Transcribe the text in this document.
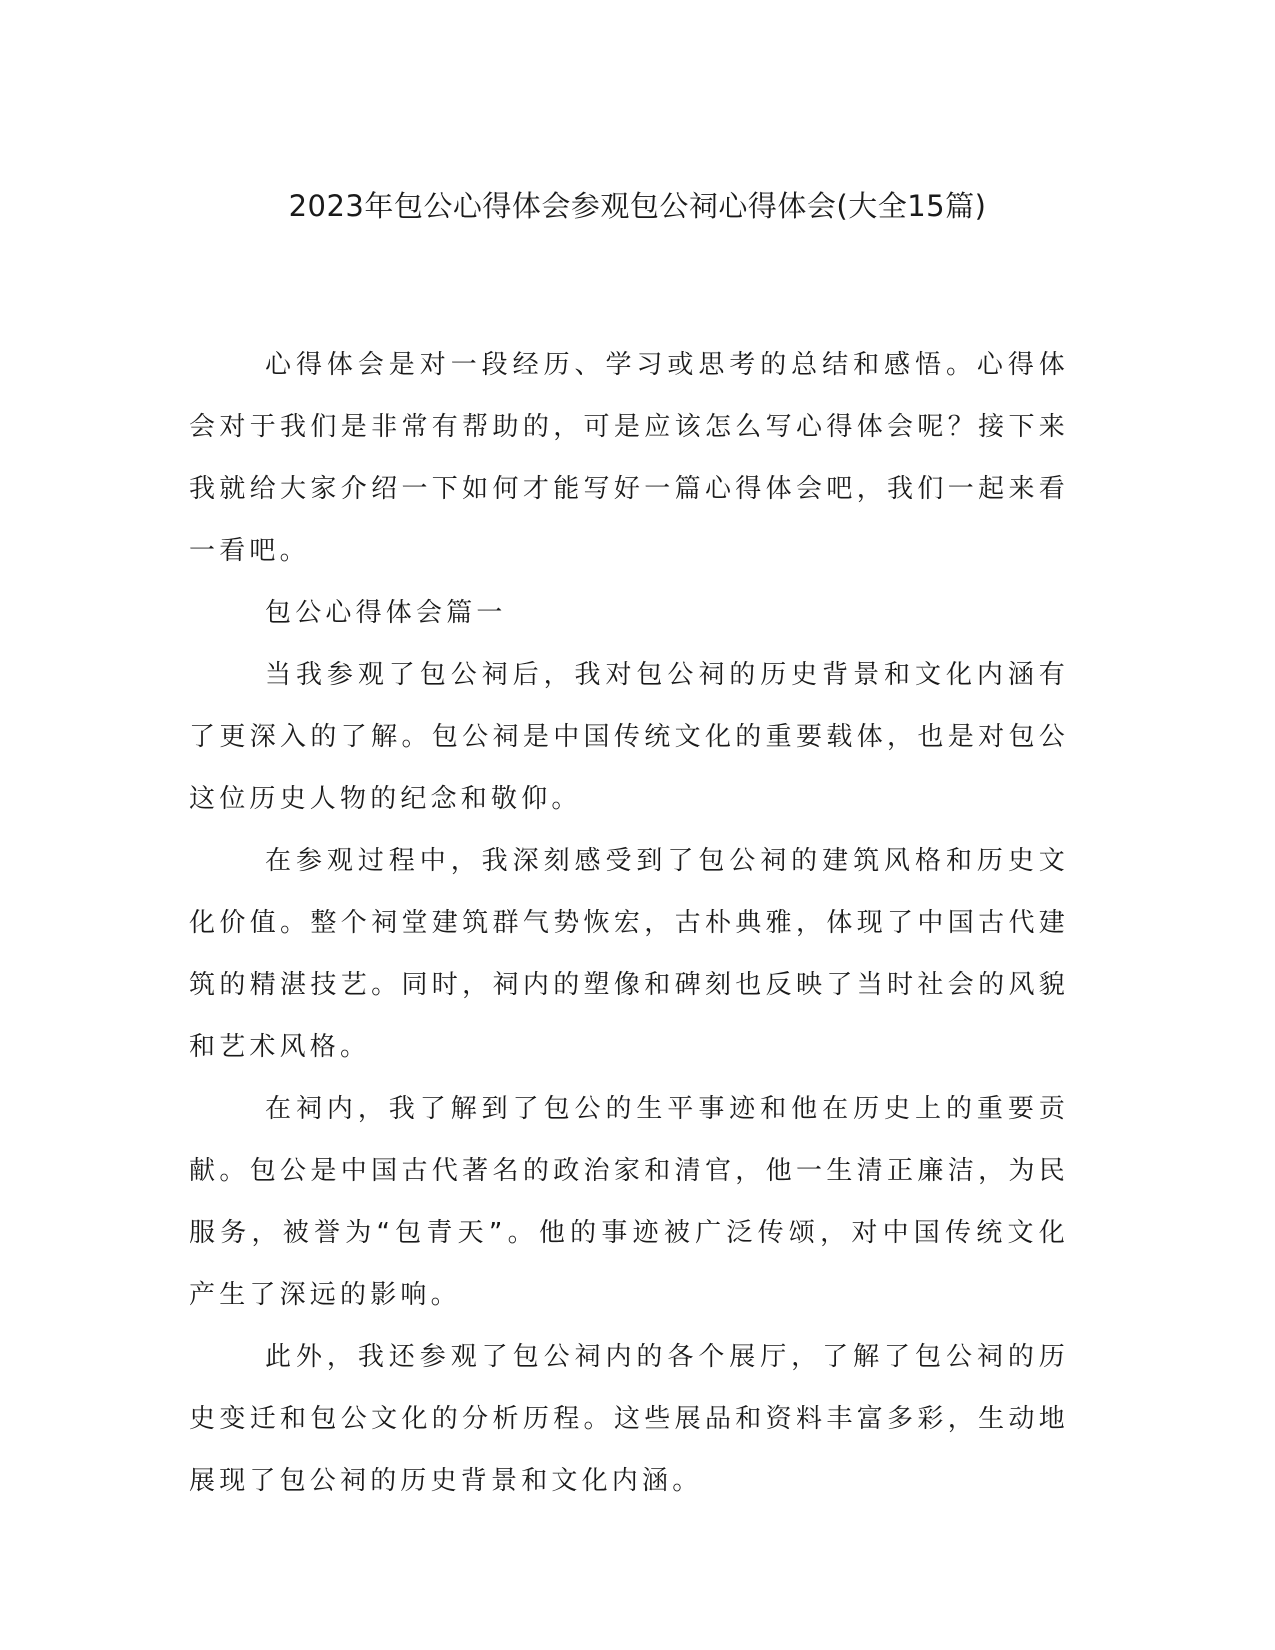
2023年包公心得体会参观包公祠心得体会(大全15篇)

心得体会是对一段经历、学习或思考的总结和感悟。心得体会对于我们是非常有帮助的，可是应该怎么写心得体会呢？接下来我就给大家介绍一下如何才能写好一篇心得体会吧，我们一起来看一看吧。

包公心得体会篇一

当我参观了包公祠后，我对包公祠的历史背景和文化内涵有了更深入的了解。包公祠是中国传统文化的重要载体，也是对包公这位历史人物的纪念和敬仰。

在参观过程中，我深刻感受到了包公祠的建筑风格和历史文化价值。整个祠堂建筑群气势恢宏，古朴典雅，体现了中国古代建筑的精湛技艺。同时，祠内的塑像和碑刻也反映了当时社会的风貌和艺术风格。

在祠内，我了解到了包公的生平事迹和他在历史上的重要贡献。包公是中国古代著名的政治家和清官，他一生清正廉洁，为民服务，被誉为“包青天”。他的事迹被广泛传颂，对中国传统文化产生了深远的影响。

此外，我还参观了包公祠内的各个展厅，了解了包公祠的历史变迁和包公文化的分析历程。这些展品和资料丰富多彩，生动地展现了包公祠的历史背景和文化内涵。
